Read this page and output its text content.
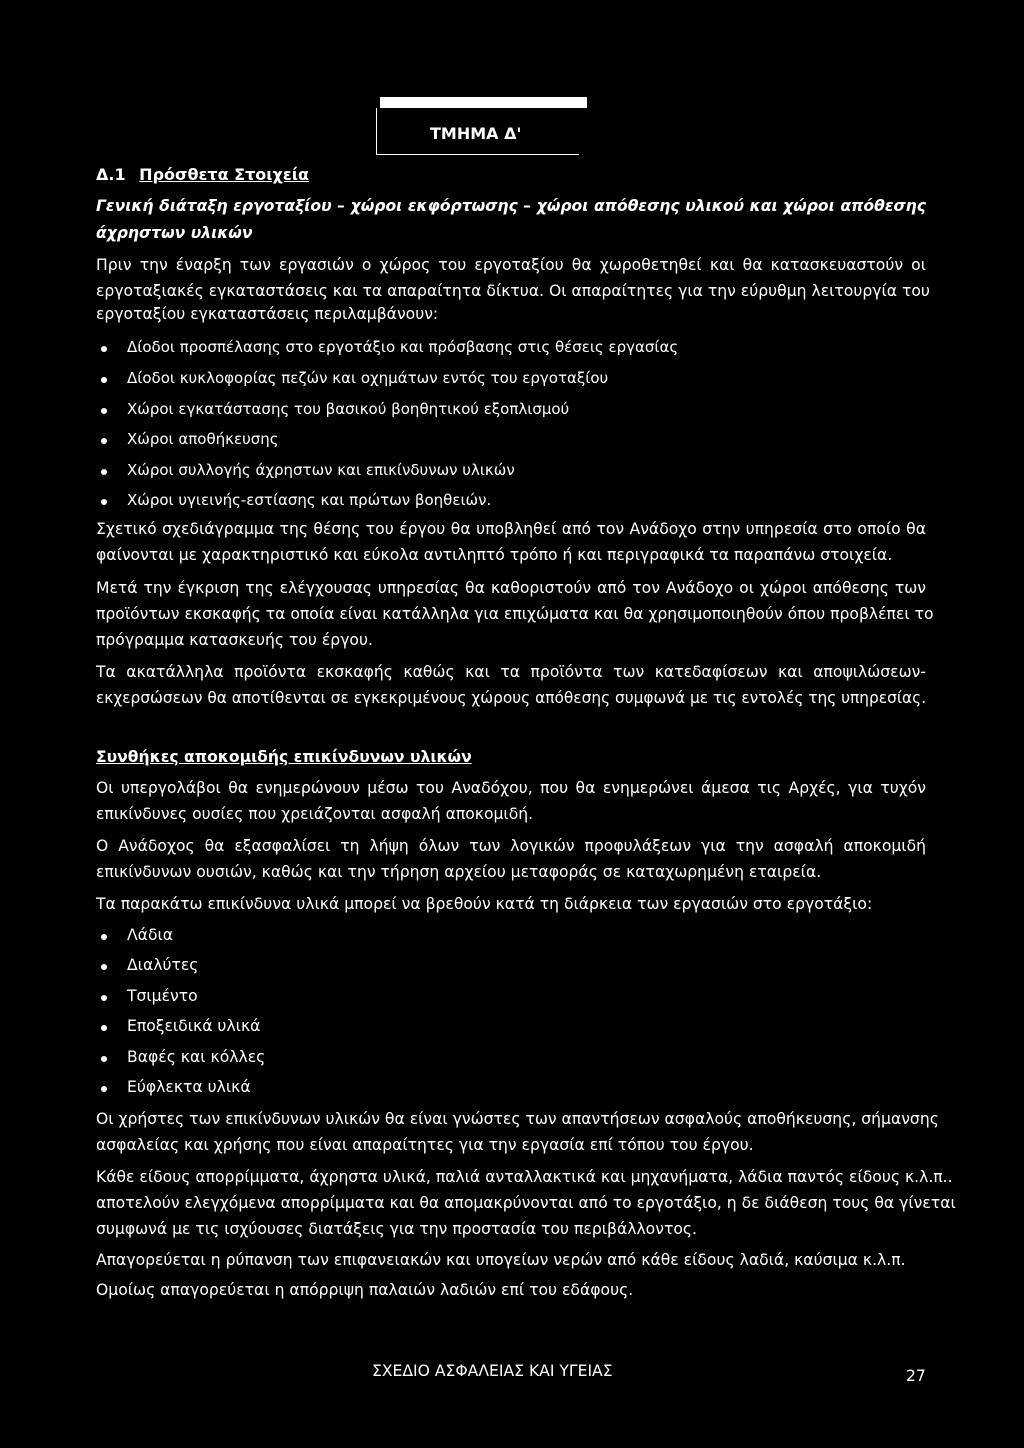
ΤΜΗΜΑ Δ'
Δ.1 Πρόσθετα Στοιχεία
Γενική διάταξη εργοταξίου – χώροι εκφόρτωσης – χώροι απόθεσης υλικού και χώροι απόθεσης
άχρηστων υλικών
Πριν την έναρξη των εργασιών ο χώρος του εργοταξίου θα χωροθετηθεί και θα κατασκευαστούν οι
εργοταξιακές εγκαταστάσεις και τα απαραίτητα δίκτυα. Οι απαραίτητες για την εύρυθμη λειτουργία του
εργοταξίου εγκαταστάσεις περιλαμβάνουν:
Δίοδοι προσπέλασης στο εργοτάξιο και πρόσβασης στις θέσεις εργασίας
Δίοδοι κυκλοφορίας πεζών και οχημάτων εντός του εργοταξίου
Χώροι εγκατάστασης του βασικού βοηθητικού εξοπλισμού
Χώροι αποθήκευσης
Χώροι συλλογής άχρηστων και επικίνδυνων υλικών
Χώροι υγιεινής-εστίασης και πρώτων βοηθειών.
Σχετικό σχεδιάγραμμα της θέσης του έργου θα υποβληθεί από τον Ανάδοχο στην υπηρεσία στο οποίο θα
φαίνονται με χαρακτηριστικό και εύκολα αντιληπτό τρόπο ή και περιγραφικά τα παραπάνω στοιχεία.
Μετά την έγκριση της ελέγχουσας υπηρεσίας θα καθοριστούν από τον Ανάδοχο οι χώροι απόθεσης των
προϊόντων εκσκαφής τα οποία είναι κατάλληλα για επιχώματα και θα χρησιμοποιηθούν όπου προβλέπει το
πρόγραμμα κατασκευής του έργου.
Τα ακατάλληλα προϊόντα εκσκαφής καθώς και τα προϊόντα των κατεδαφίσεων και αποψιλώσεων-
εκχερσώσεων θα αποτίθενται σε εγκεκριμένους χώρους απόθεσης συμφωνά με τις εντολές της υπηρεσίας.
Συνθήκες αποκομιδής επικίνδυνων υλικών
Οι υπεργολάβοι θα ενημερώνουν μέσω του Αναδόχου, που θα ενημερώνει άμεσα τις Αρχές, για τυχόν
επικίνδυνες ουσίες που χρειάζονται ασφαλή αποκομιδή.
Ο Ανάδοχος θα εξασφαλίσει τη λήψη όλων των λογικών προφυλάξεων για την ασφαλή αποκομιδή
επικίνδυνων ουσιών, καθώς και την τήρηση αρχείου μεταφοράς σε καταχωρημένη εταιρεία.
Τα παρακάτω επικίνδυνα υλικά μπορεί να βρεθούν κατά τη διάρκεια των εργασιών στο εργοτάξιο:
Λάδια
Διαλύτες
Τσιμέντο
Εποξειδικά υλικά
Βαφές και κόλλες
Εύφλεκτα υλικά
Οι χρήστες των επικίνδυνων υλικών θα είναι γνώστες των απαντήσεων ασφαλούς αποθήκευσης, σήμανσης
ασφαλείας και χρήσης που είναι απαραίτητες για την εργασία επί τόπου του έργου.
Κάθε είδους απορρίμματα, άχρηστα υλικά, παλιά ανταλλακτικά και μηχανήματα, λάδια παντός είδους κ.λ.π..
αποτελούν ελεγχόμενα απορρίμματα και θα απομακρύνονται από το εργοτάξιο, η δε διάθεση τους θα γίνεται
συμφωνά με τις ισχύουσες διατάξεις για την προστασία του περιβάλλοντος.
Απαγορεύεται η ρύπανση των επιφανειακών και υπογείων νερών από κάθε είδους λαδιά, καύσιμα κ.λ.π.
Ομοίως απαγορεύεται η απόρριψη παλαιών λαδιών επί του εδάφους.
ΣΧΕΔΙΟ ΑΣΦΑΛΕΙΑΣ ΚΑΙ ΥΓΕΙΑΣ	27
